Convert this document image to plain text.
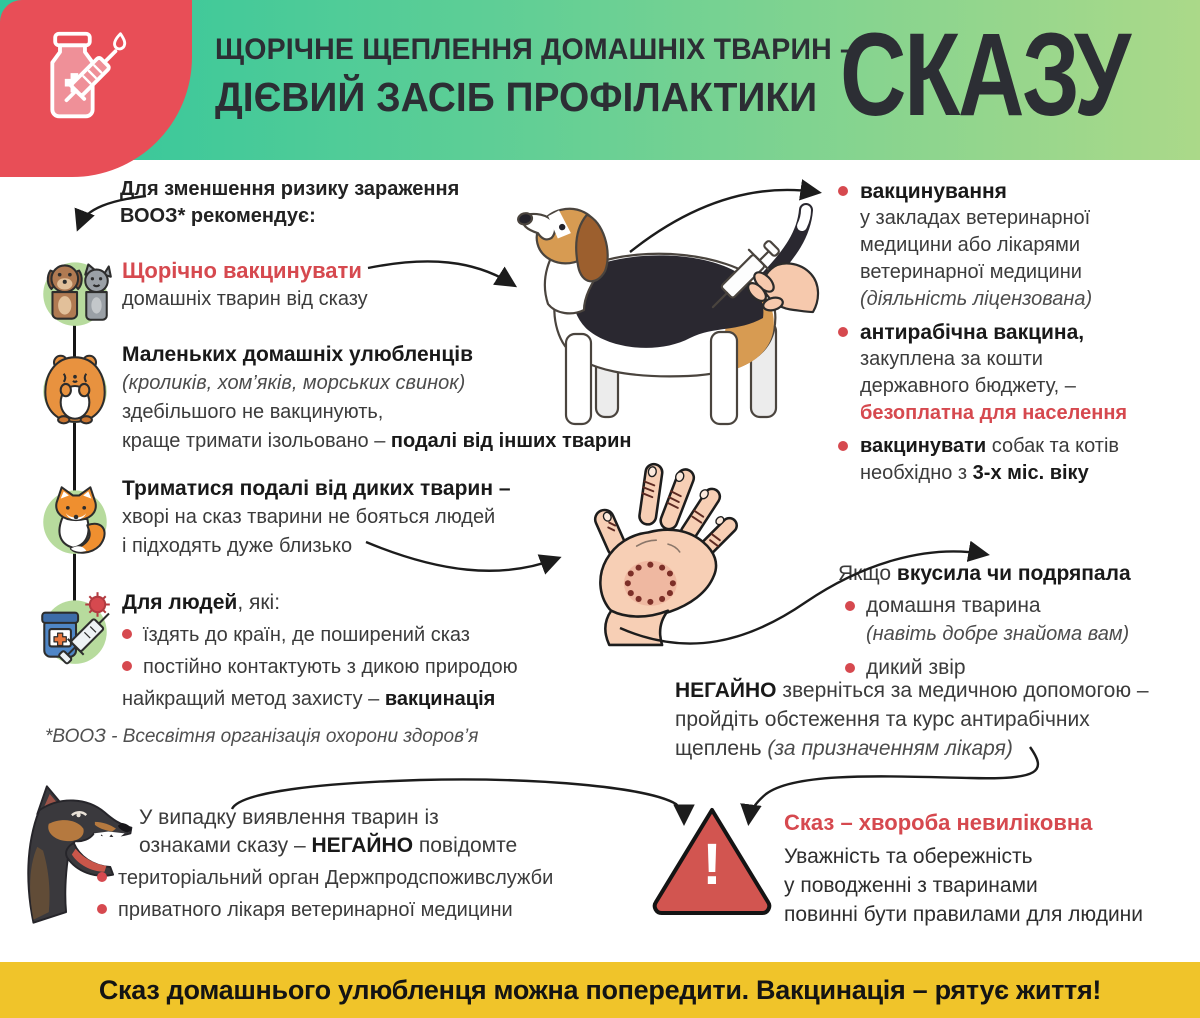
ЩОРІЧНЕ ЩЕПЛЕННЯ ДОМАШНІХ ТВАРИН –
ДІЄВИЙ ЗАСІБ ПРОФІЛАКТИКИ СКАЗУ
Для зменшення ризику зараження
ВООЗ* рекомендує:
Щорічно вакцинувати
домашніх тварин від сказу
Маленьких домашніх улюбленців
(кроликів, хом’яків, морських свинок)
здебільшого не вакцинують,
краще тримати ізольовано – подалі від інших тварин
Триматися подалі від диких тварин –
хворі на сказ тварини не бояться людей
і підходять дуже близько
Для людей, які:
їздять до країн, де поширений сказ
постійно контактують з дикою природою
найкращий метод захисту – вакцинація
*ВООЗ - Всесвітня організація охорони здоров’я
вакцинування
у закладах ветеринарної
медицини або лікарями
ветеринарної медицини
(діяльність ліцензована)
антирабічна вакцина,
закуплена за кошти
державного бюджету, –
безоплатна для населення
вакцинувати собак та котів
необхідно з 3-х міс. віку
Якщо вкусила чи подряпала
домашня тварина
(навіть добре знайома вам)
дикий звір
НЕГАЙНО зверніться за медичною допомогою –
пройдіть обстеження та курс антирабічних
щеплень (за призначенням лікаря)
У випадку виявлення тварин із
ознаками сказу – НЕГАЙНО повідомте
територіальний орган Держпродспоживслужби
приватного лікаря ветеринарної медицини
!
Сказ – хвороба невиліковна
Уважність та обережність
у поводженні з тваринами
повинні бути правилами для людини
Сказ домашнього улюбленця можна попередити. Вакцинація – рятує життя!
